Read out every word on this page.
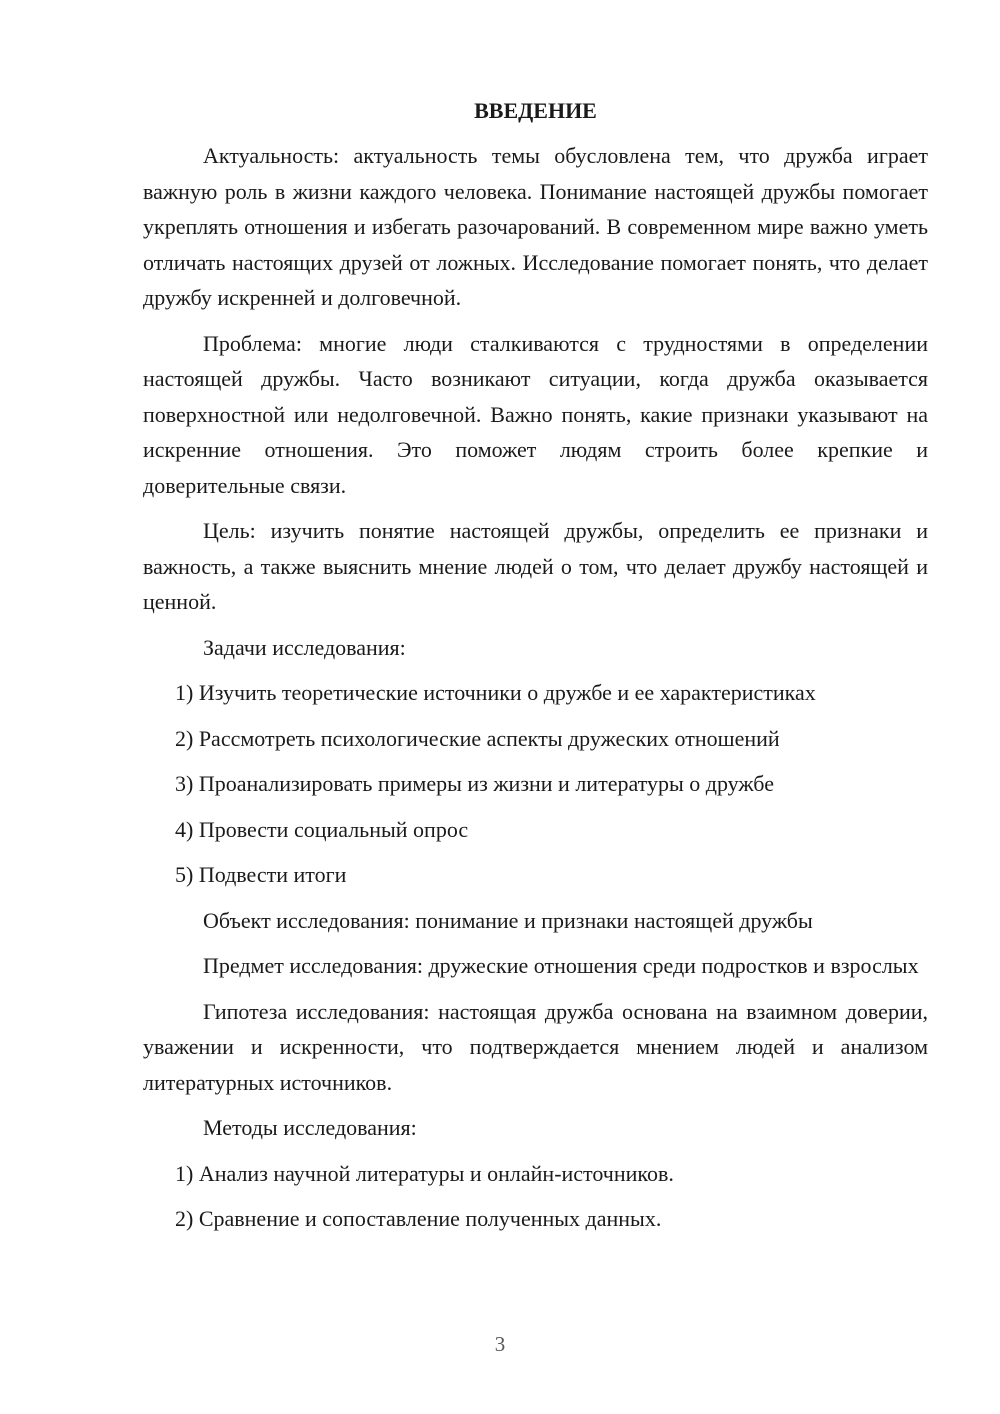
ВВЕДЕНИЕ

Актуальность: актуальность темы обусловлена тем, что дружба играет важную роль в жизни каждого человека. Понимание настоящей дружбы помогает укреплять отношения и избегать разочарований. В современном мире важно уметь отличать настоящих друзей от ложных. Исследование помогает понять, что делает дружбу искренней и долговечной.

Проблема: многие люди сталкиваются с трудностями в определении настоящей дружбы. Часто возникают ситуации, когда дружба оказывается поверхностной или недолговечной. Важно понять, какие признаки указывают на искренние отношения. Это поможет людям строить более крепкие и доверительные связи.

Цель: изучить понятие настоящей дружбы, определить ее признаки и важность, а также выяснить мнение людей о том, что делает дружбу настоящей и ценной.

Задачи исследования:

1) Изучить теоретические источники о дружбе и ее характеристиках

2) Рассмотреть психологические аспекты дружеских отношений

3) Проанализировать примеры из жизни и литературы о дружбе

4) Провести социальный опрос

5) Подвести итоги

Объект исследования: понимание и признаки настоящей дружбы

Предмет исследования: дружеские отношения среди подростков и взрослых

Гипотеза исследования: настоящая дружба основана на взаимном доверии, уважении и искренности, что подтверждается мнением людей и анализом литературных источников.

Методы исследования:

1) Анализ научной литературы и онлайн-источников.

2) Сравнение и сопоставление полученных данных.

3
